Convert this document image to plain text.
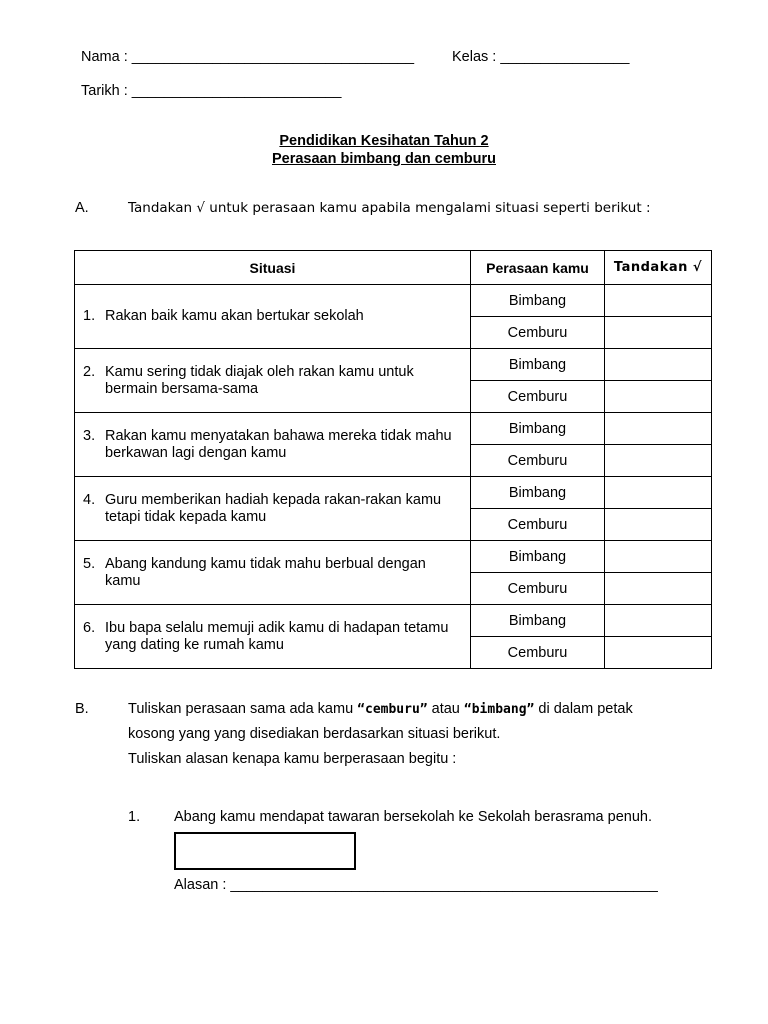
Nama : ___________________________________	Kelas : ________________
Tarikh : __________________________
Pendidikan Kesihatan Tahun 2
Perasaan bimbang dan cemburu
A.	Tandakan √ untuk perasaan kamu apabila mengalami situasi seperti berikut :
Situasi	Perasaan kamu	Tandakan √

1. Rakan baik kamu akan bertukar sekolah	Bimbang	
	Cemburu	

2. Kamu sering tidak diajak oleh rakan kamu untuk bermain bersama-sama	Bimbang	
	Cemburu	

3. Rakan kamu menyatakan bahawa mereka tidak mahu berkawan lagi dengan kamu	Bimbang	
	Cemburu	

4. Guru memberikan hadiah kepada rakan-rakan kamu tetapi tidak kepada kamu	Bimbang	
	Cemburu	

5. Abang kandung kamu tidak mahu berbual dengan kamu	Bimbang	
	Cemburu	

6. Ibu bapa selalu memuji adik kamu di hadapan tetamu yang dating ke rumah kamu	Bimbang	
	Cemburu	
B.	Tuliskan perasaan sama ada kamu “cemburu” atau “bimbang” di dalam petak
kosong yang yang disediakan berdasarkan situasi berikut.
Tuliskan alasan kenapa kamu berperasaan begitu :
1. Abang kamu mendapat tawaran bersekolah ke Sekolah berasrama penuh.
Alasan : _____________________________________________________
